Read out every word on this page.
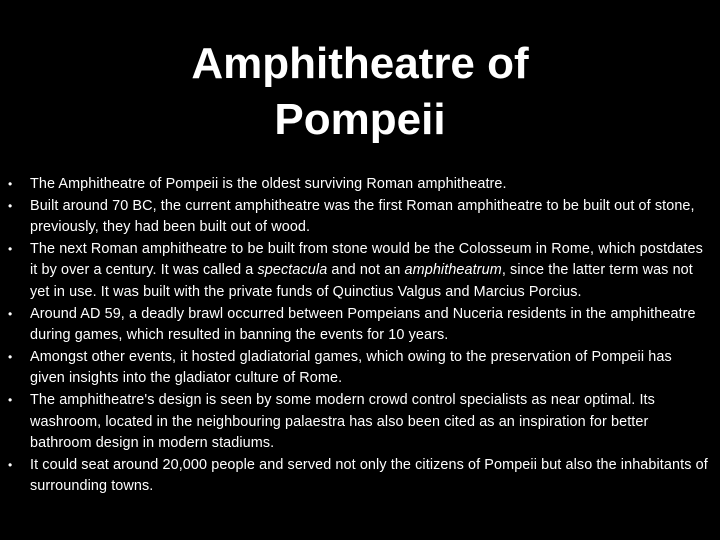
Amphitheatre of
Pompeii
•	The Amphitheatre of Pompeii is the oldest surviving Roman amphitheatre.
•	Built around 70 BC, the current amphitheatre was the first Roman amphitheatre to be built out of stone, previously, they had been built out of wood.
•	The next Roman amphitheatre to be built from stone would be the Colosseum in Rome, which postdates it by over a century. It was called a spectacula and not an amphitheatrum, since the latter term was not yet in use. It was built with the private funds of Quinctius Valgus and Marcius Porcius.
•	Around AD 59, a deadly brawl occurred between Pompeians and Nuceria residents in the amphitheatre during games, which resulted in banning the events for 10 years.
•	Amongst other events, it hosted gladiatorial games, which owing to the preservation of Pompeii has given insights into the gladiator culture of Rome.
•	The amphitheatre's design is seen by some modern crowd control specialists as near optimal. Its washroom, located in the neighbouring palaestra has also been cited as an inspiration for better bathroom design in modern stadiums.
•	It could seat around 20,000 people and served not only the citizens of Pompeii but also the inhabitants of surrounding towns.
